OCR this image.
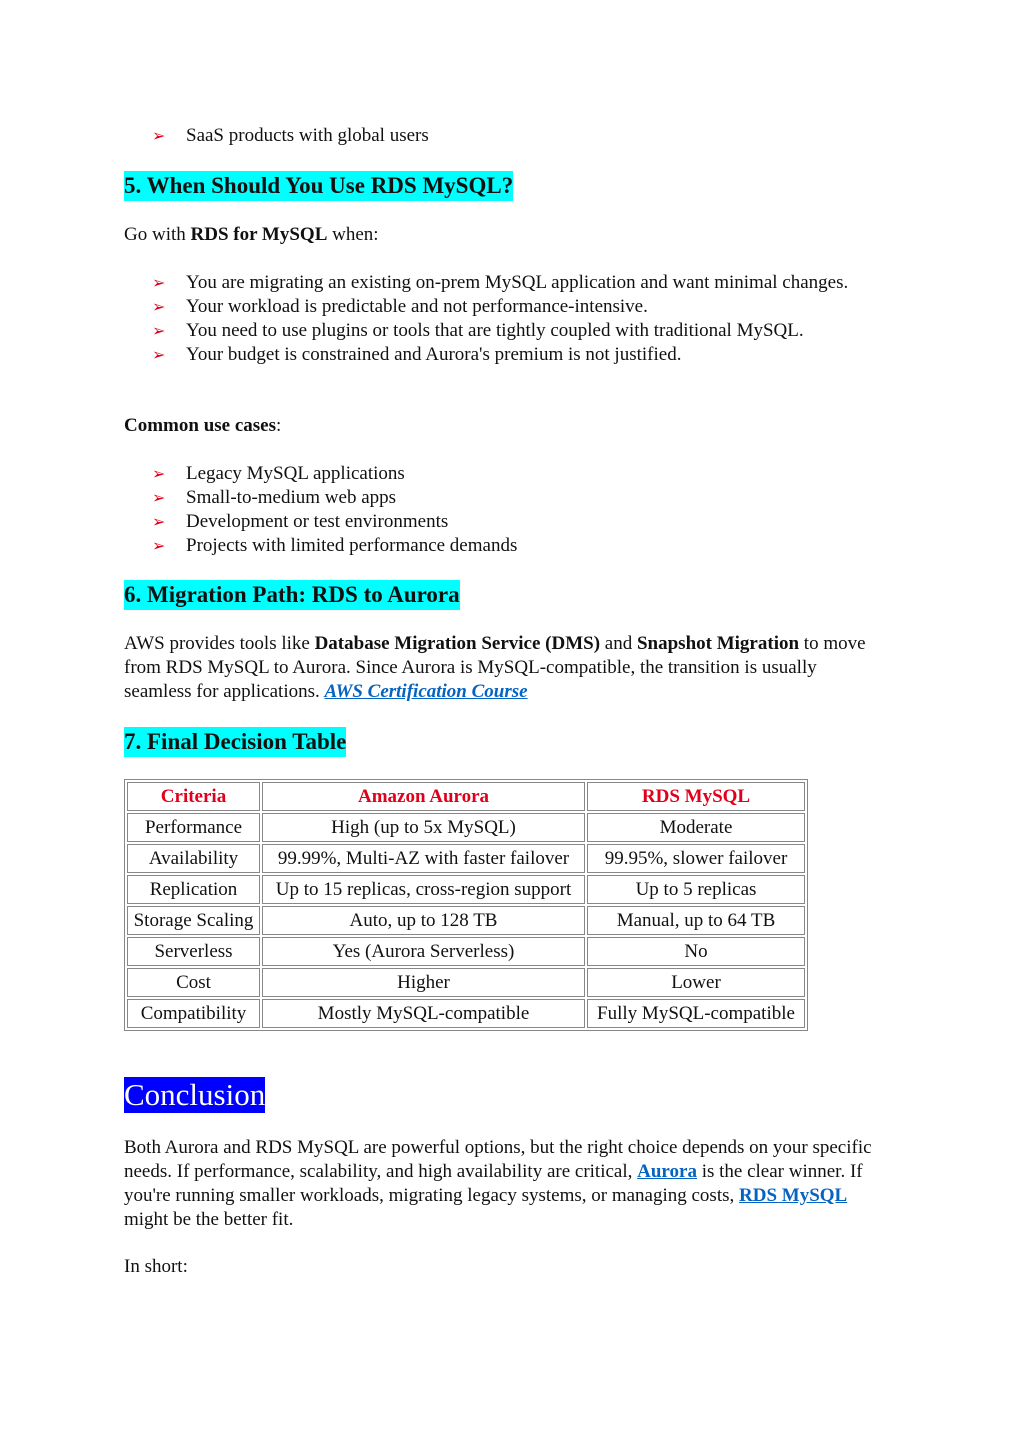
➢ SaaS products with global users
5. When Should You Use RDS MySQL?

Go with RDS for MySQL when:

➢ You are migrating an existing on-prem MySQL application and want minimal changes.
➢ Your workload is predictable and not performance-intensive.
➢ You need to use plugins or tools that are tightly coupled with traditional MySQL.
➢ Your budget is constrained and Aurora's premium is not justified.

Common use cases:

➢ Legacy MySQL applications
➢ Small-to-medium web apps
➢ Development or test environments
➢ Projects with limited performance demands
6. Migration Path: RDS to Aurora

AWS provides tools like Database Migration Service (DMS) and Snapshot Migration to move from RDS MySQL to Aurora. Since Aurora is MySQL-compatible, the transition is usually seamless for applications. AWS Certification Course

7. Final Decision Table
Criteria	Amazon Aurora	RDS MySQL
Performance	High (up to 5x MySQL)	Moderate
Availability	99.99%, Multi-AZ with faster failover	99.95%, slower failover
Replication	Up to 15 replicas, cross-region support	Up to 5 replicas
Storage Scaling	Auto, up to 128 TB	Manual, up to 64 TB
Serverless	Yes (Aurora Serverless)	No
Cost	Higher	Lower
Compatibility	Mostly MySQL-compatible	Fully MySQL-compatible
Conclusion

Both Aurora and RDS MySQL are powerful options, but the right choice depends on your specific needs. If performance, scalability, and high availability are critical, Aurora is the clear winner. If you're running smaller workloads, migrating legacy systems, or managing costs, RDS MySQL might be the better fit.

In short:
